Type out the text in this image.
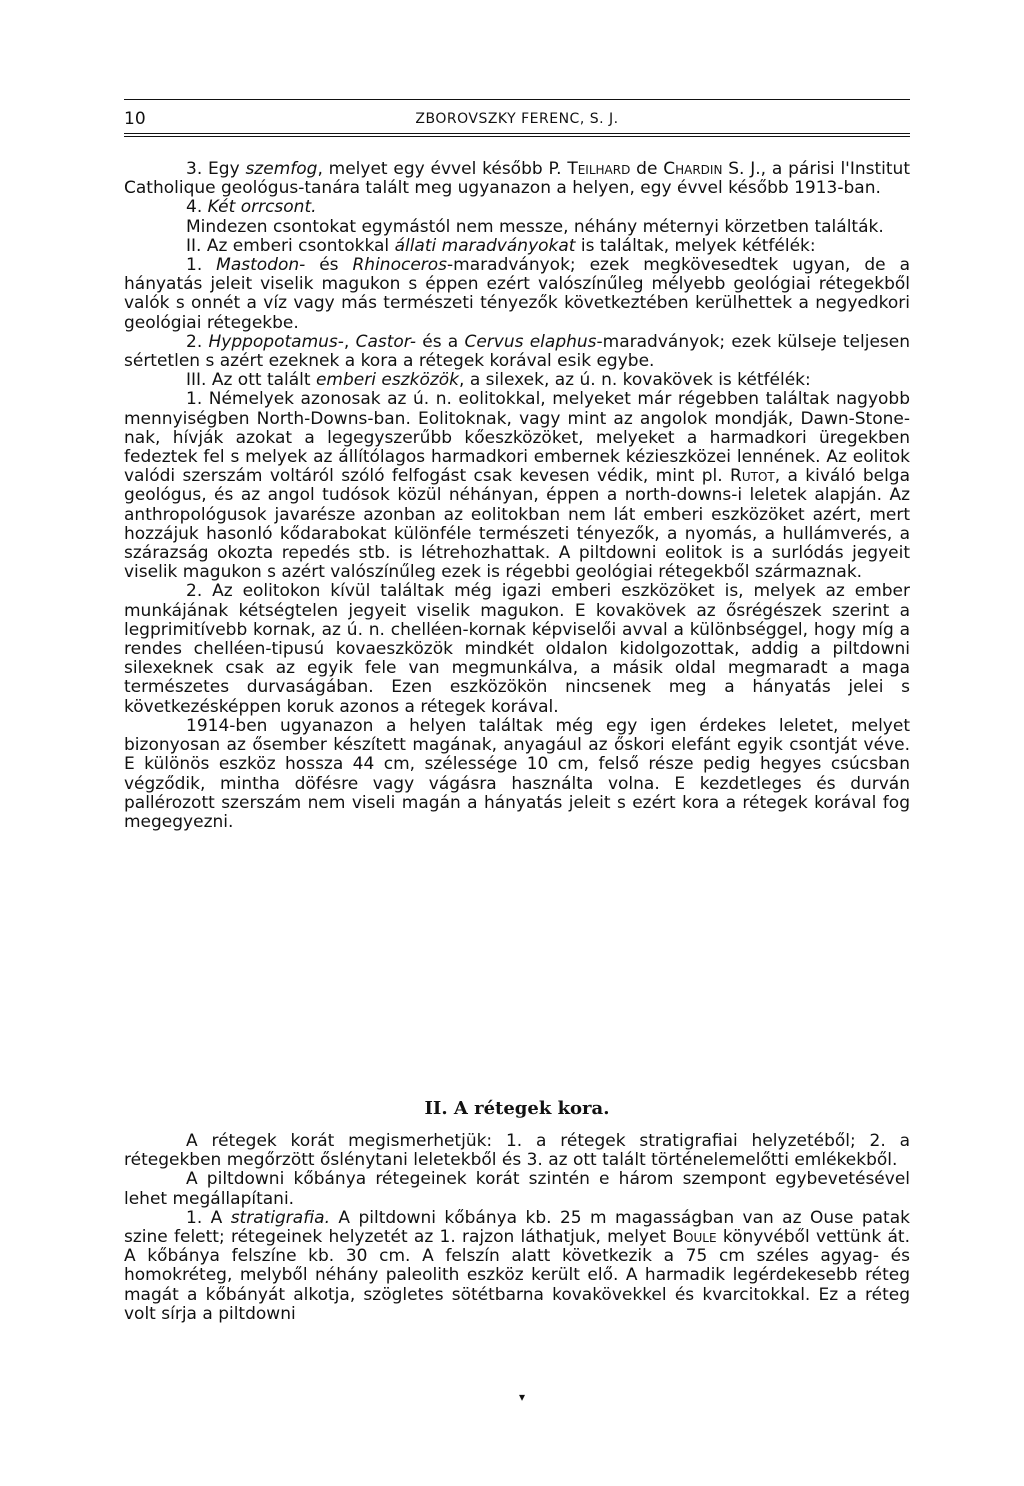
10	ZBOROVSZKY FERENC, S. J.

3. Egy szemfog, melyet egy évvel később P. Teilhard de Chardin S. J., a párisi l'Institut Catholique geológus-tanára talált meg ugyanazon a helyen, egy évvel később 1913-ban.

4. Két orrcsont.

Mindezen csontokat egymástól nem messze, néhány méternyi körzetben találták.

II. Az emberi csontokkal állati maradványokat is találtak, melyek kétfélék:

1. Mastodon- és Rhinoceros-maradványok; ezek megkövesedtek ugyan, de a hányatás jeleit viselik magukon s éppen ezért valószínűleg mélyebb geológiai rétegekből valók s onnét a víz vagy más természeti tényezők következtében kerülhettek a negyedkori geológiai rétegekbe.

2. Hyppopotamus-, Castor- és a Cervus elaphus-maradványok; ezek külseje teljesen sértetlen s azért ezeknek a kora a rétegek korával esik egybe.

III. Az ott talált emberi eszközök, a silexek, az ú. n. kovakövek is kétfélék:

1. Némelyek azonosak az ú. n. eolitokkal, melyeket már régebben találtak nagyobb mennyiségben North-Downs-ban. Eolitoknak, vagy mint az angolok mondják, Dawn-Stone-nak, hívják azokat a legegyszerűbb kőeszközöket, melyeket a harmadkori üregekben fedeztek fel s melyek az állítólagos harmadkori embernek kézieszközei lennének. Az eolitok valódi szerszám voltáról szóló felfogást csak kevesen védik, mint pl. Rutot, a kiváló belga geológus, és az angol tudósok közül néhányan, éppen a north-downs-i leletek alapján. Az anthropológusok javarésze azonban az eolitokban nem lát emberi eszközöket azért, mert hozzájuk hasonló kődarabokat különféle természeti tényezők, a nyomás, a hullámverés, a szárazság okozta repedés stb. is létrehozhattak. A piltdowni eolitok is a surlódás jegyeit viselik magukon s azért valószínűleg ezek is régebbi geológiai rétegekből származnak.

2. Az eolitokon kívül találtak még igazi emberi eszközöket is, melyek az ember munkájának kétségtelen jegyeit viselik magukon. E kovakövek az ősrégészek szerint a legprimitívebb kornak, az ú. n. chelléen-kornak képviselői avval a különbséggel, hogy míg a rendes chelléen-tipusú kovaeszközök mindkét oldalon kidolgozottak, addig a piltdowni silexeknek csak az egyik fele van megmunkálva, a másik oldal megmaradt a maga természetes durvaságában. Ezen eszközökön nincsenek meg a hányatás jelei s következésképpen koruk azonos a rétegek korával.

1914-ben ugyanazon a helyen találtak még egy igen érdekes leletet, melyet bizonyosan az ősember készített magának, anyagául az őskori elefánt egyik csontját véve. E különös eszköz hossza 44 cm, szélessége 10 cm, felső része pedig hegyes csúcsban végződik, mintha döfésre vagy vágásra használta volna. E kezdetleges és durván pallérozott szerszám nem viseli magán a hányatás jeleit s ezért kora a rétegek korával fog megegyezni.

II. A rétegek kora.

A rétegek korát megismerhetjük: 1. a rétegek stratigrafiai helyzetéből; 2. a rétegekben megőrzött őslénytani leletekből és 3. az ott talált történelemelőtti emlékekből.

A piltdowni kőbánya rétegeinek korát szintén e három szempont egybevetésével lehet megállapítani.

1. A stratigrafia. A piltdowni kőbánya kb. 25 m magasságban van az Ouse patak szine felett; rétegeinek helyzetét az 1. rajzon láthatjuk, melyet Boule könyvéből vettünk át. A kőbánya felszíne kb. 30 cm. A felszín alatt következik a 75 cm széles agyag- és homokréteg, melyből néhány paleolith eszköz került elő. A harmadik legérdekesebb réteg magát a kőbányát alkotja, szögletes sötétbarna kovakövekkel és kvarcitokkal. Ez a réteg volt sírja a piltdowni

▾
